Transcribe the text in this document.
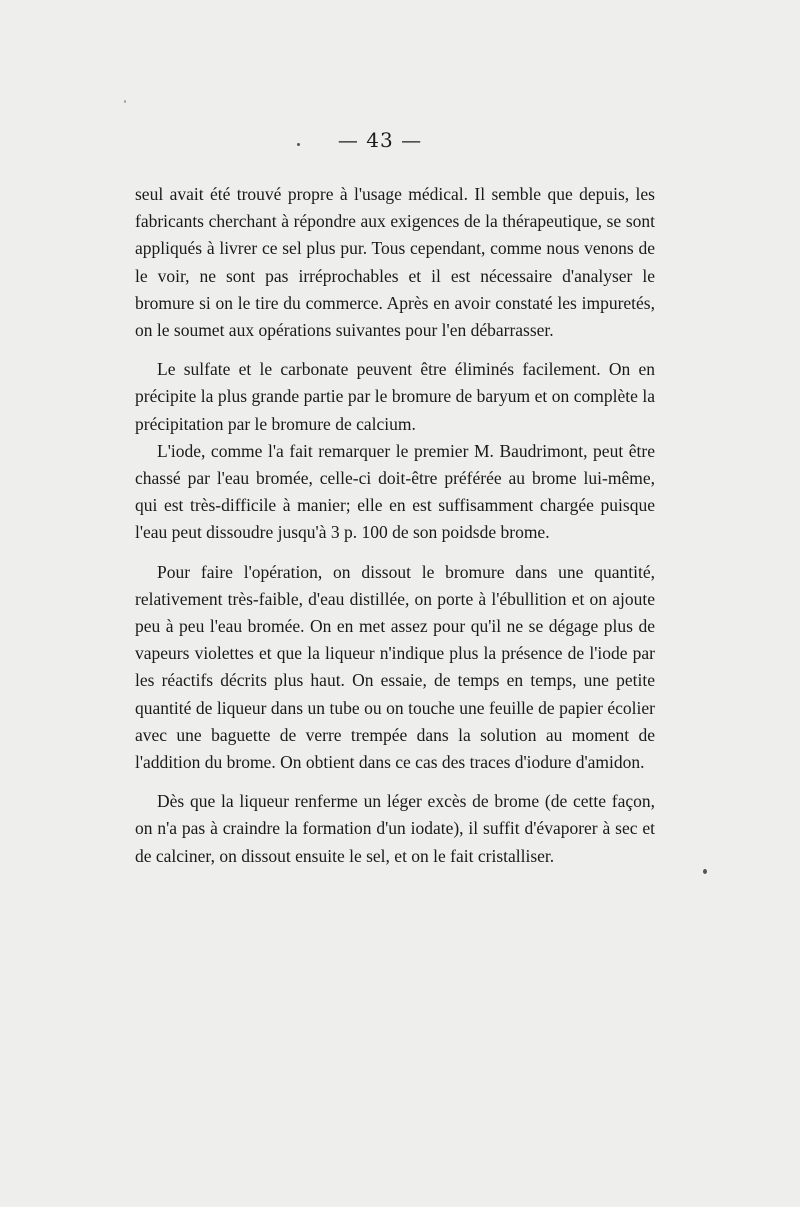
— 43 —

seul avait été trouvé propre à l'usage médical. Il semble que depuis, les fabricants cherchant à répondre aux exigences de la thérapeutique, se sont appliqués à livrer ce sel plus pur. Tous cependant, comme nous venons de le voir, ne sont pas irréprochables et il est nécessaire d'analyser le bromure si on le tire du commerce. Après en avoir constaté les impuretés, on le soumet aux opérations suivantes pour l'en débarrasser.

Le sulfate et le carbonate peuvent être éliminés facilement. On en précipite la plus grande partie par le bromure de baryum et on complète la précipitation par le bromure de calcium.

L'iode, comme l'a fait remarquer le premier M. Baudrimont, peut être chassé par l'eau bromée, celle-ci doit-être préférée au brome lui-même, qui est très-difficile à manier; elle en est suffisamment chargée puisque l'eau peut dissoudre jusqu'à 3 p. 100 de son poidsde brome.

Pour faire l'opération, on dissout le bromure dans une quantité, relativement très-faible, d'eau distillée, on porte à l'ébullition et on ajoute peu à peu l'eau bromée. On en met assez pour qu'il ne se dégage plus de vapeurs violettes et que la liqueur n'indique plus la présence de l'iode par les réactifs décrits plus haut. On essaie, de temps en temps, une petite quantité de liqueur dans un tube ou on touche une feuille de papier écolier avec une baguette de verre trempée dans la solution au moment de l'addition du brome. On obtient dans ce cas des traces d'iodure d'amidon.

Dès que la liqueur renferme un léger excès de brome (de cette façon, on n'a pas à craindre la formation d'un iodate), il suffit d'évaporer à sec et de calciner, on dissout ensuite le sel, et on le fait cristalliser.
